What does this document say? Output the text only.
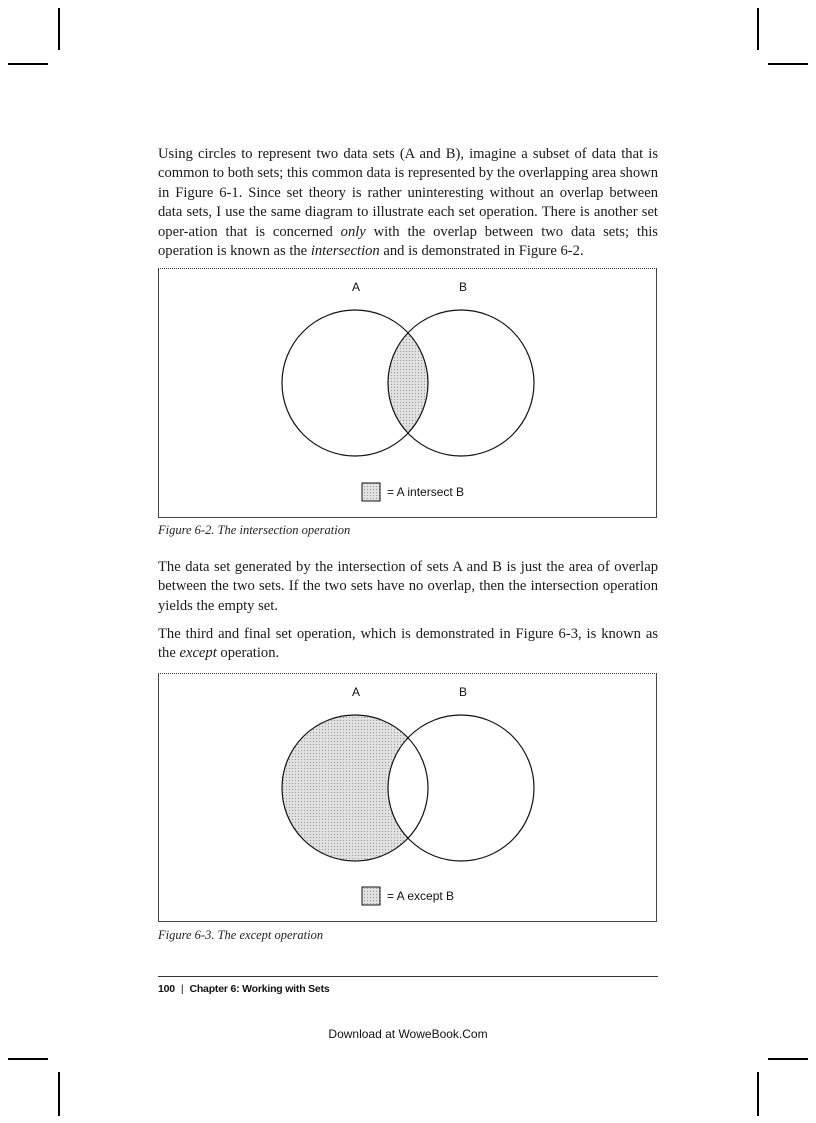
Using circles to represent two data sets (A and B), imagine a subset of data that is common to both sets; this common data is represented by the overlapping area shown in Figure 6-1. Since set theory is rather uninteresting without an overlap between data sets, I use the same diagram to illustrate each set operation. There is another set oper-ation that is concerned only with the overlap between two data sets; this operation is known as the intersection and is demonstrated in Figure 6-2.

A	B
= A intersect B
Figure 6-2. The intersection operation

The data set generated by the intersection of sets A and B is just the area of overlap between the two sets. If the two sets have no overlap, then the intersection operation yields the empty set.

The third and final set operation, which is demonstrated in Figure 6-3, is known as the except operation.

A	B
= A except B
Figure 6-3. The except operation
100 | Chapter 6: Working with Sets
Download at WoweBook.Com
